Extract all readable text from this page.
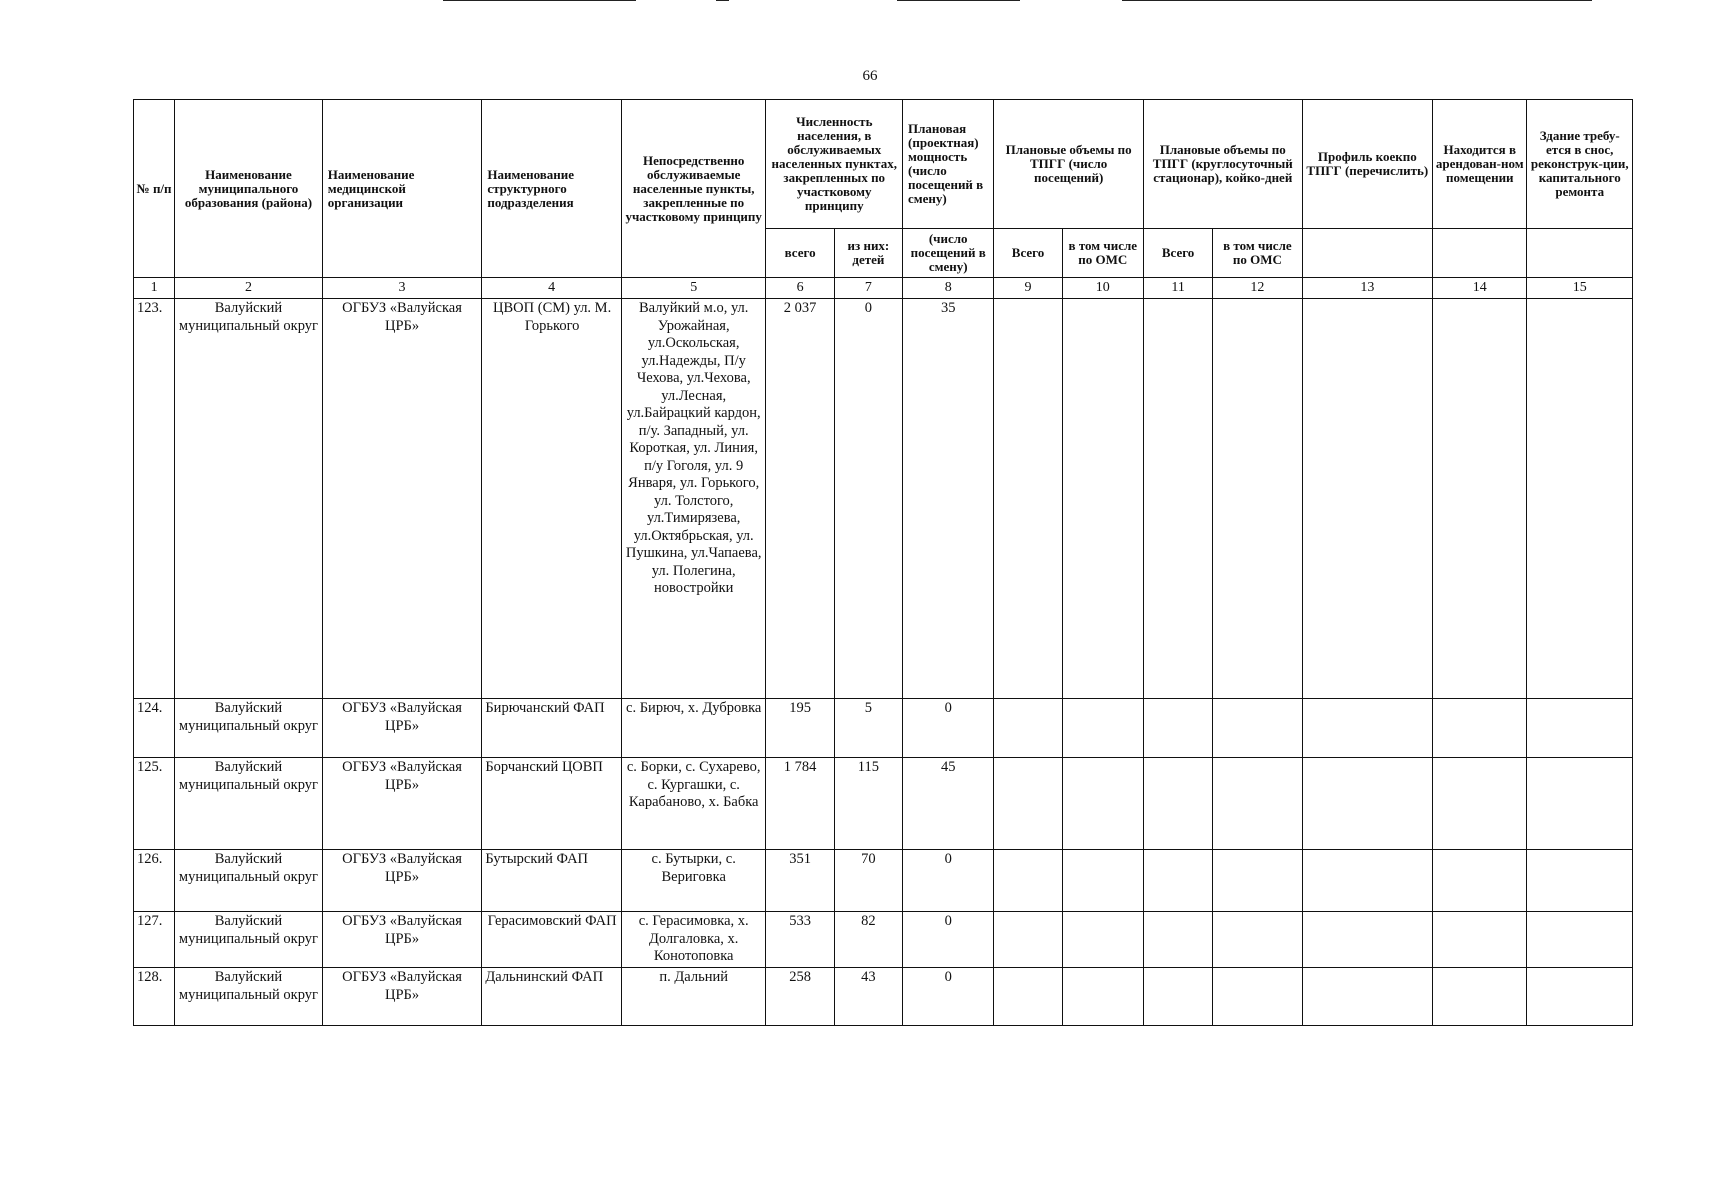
66
№ п/п	Наименование муниципального образования (района)	Наименование медицинской организации	Наименование структурного подразделения	Непосредственно обслуживаемые населенные пункты, закрепленные по участковому принципу	Численность населения, в обслуживаемых населенных пунктах, закрепленных по участковому принципу		Плановая (проектная) мощность (число посещений в смену)	Плановые объемы по ТПГГ (число посещений)		Плановые объемы по ТПГГ (круглосуточный стационар), койко-дней		Профиль коекпо ТПГГ (перечислить)	Находится в арендован-ном помещении	Здание требу-ется в снос, реконструк-ции, капитального ремонта
					всего	из них: детей	(число посещений в смену)	Всего	в том числе по ОМС	Всего	в том числе по ОМС			
1	2	3	4	5	6	7	8	9	10	11	12	13	14	15
123.	Валуйский муниципальный округ	ОГБУЗ «Валуйская ЦРБ»	ЦВОП (СМ) ул. М. Горького	Валуйкий м.о, ул. Урожайная, ул.Оскольская, ул.Надежды, П/у Чехова, ул.Чехова, ул.Лесная, ул.Байрацкий кардон, п/у. Западный, ул. Короткая, ул. Линия, п/у Гоголя, ул. 9 Января, ул. Горького, ул. Толстого, ул.Тимирязева, ул.Октябрьская, ул. Пушкина, ул.Чапаева, ул. Полегина, новостройки	2 037	0	35							
124.	Валуйский муниципальный округ	ОГБУЗ «Валуйская ЦРБ»	Бирючанский ФАП	с. Бирюч, х. Дубровка	195	5	0							
125.	Валуйский муниципальный округ	ОГБУЗ «Валуйская ЦРБ»	Борчанский ЦОВП	с. Борки, с. Сухарево, с. Кургашки, с. Карабаново, х. Бабка	1 784	115	45							
126.	Валуйский муниципальный округ	ОГБУЗ «Валуйская ЦРБ»	Бутырский ФАП	с. Бутырки, с. Веригoвка	351	70	0							
127.	Валуйский муниципальный округ	ОГБУЗ «Валуйская ЦРБ»	Герасимовский ФАП	с. Герасимовка, х. Долгаловка, х. Конотоповка	533	82	0							
128.	Валуйский муниципальный округ	ОГБУЗ «Валуйская ЦРБ»	Дальнинский ФАП	п. Дальний	258	43	0							
